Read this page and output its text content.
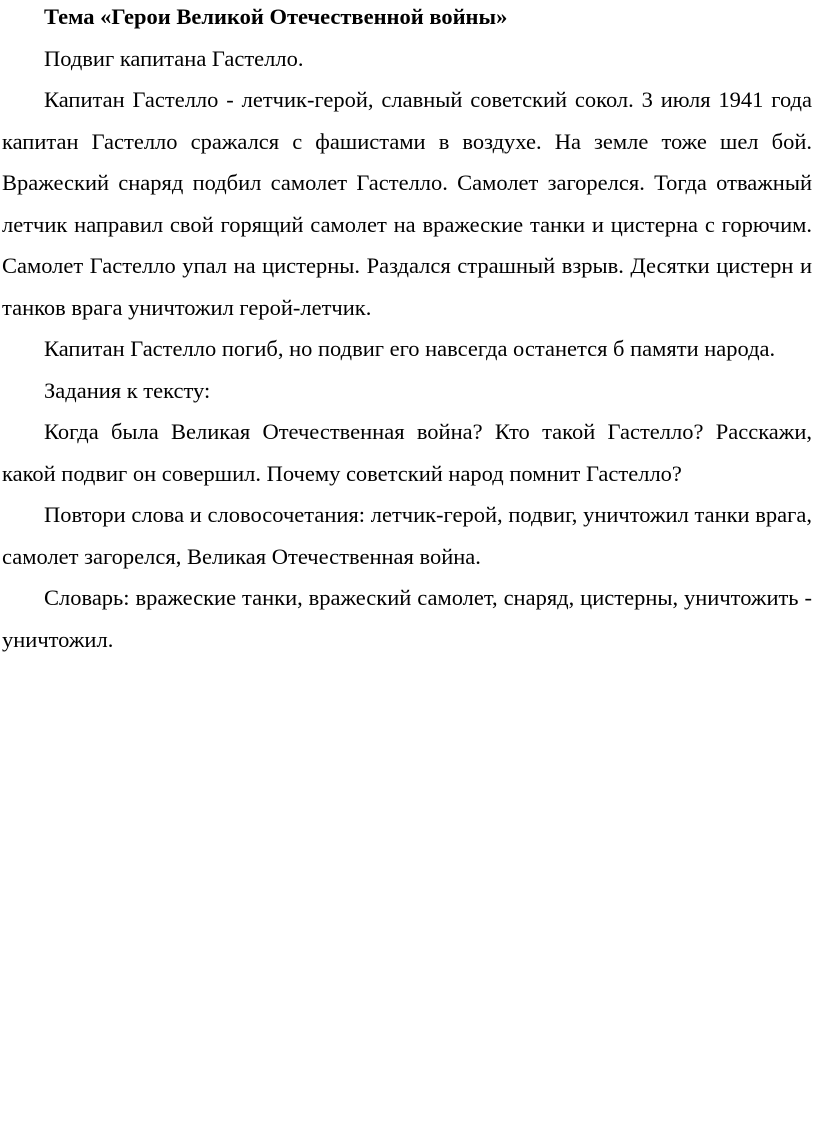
Тема «Герои Великой Отечественной войны»

Подвиг капитана Гастелло.

Капитан Гастелло - летчик-герой, славный советский сокол. 3 июля 1941 года капитан Гастелло сражался с фашистами в воздухе. На земле тоже шел бой. Вражеский снаряд подбил самолет Гастелло. Самолет загорелся. Тогда отважный летчик направил свой горящий самолет на вражеские танки и цистерна с горючим. Самолет Гастелло упал на цистерны. Раздался страшный взрыв. Десятки цистерн и танков врага уничтожил герой-летчик.

Капитан Гастелло погиб, но подвиг его навсегда останется б памяти народа.

Задания к тексту:

Когда была Великая Отечественная война? Кто такой Гастелло? Расскажи, какой подвиг он совершил. Почему советский народ помнит Гастелло?

Повтори слова и словосочетания: летчик-герой, подвиг, уничтожил танки врага, самолет загорелся, Великая Отечественная война.

Словарь: вражеские танки, вражеский самолет, снаряд, цистерны, уничтожить - уничтожил.
